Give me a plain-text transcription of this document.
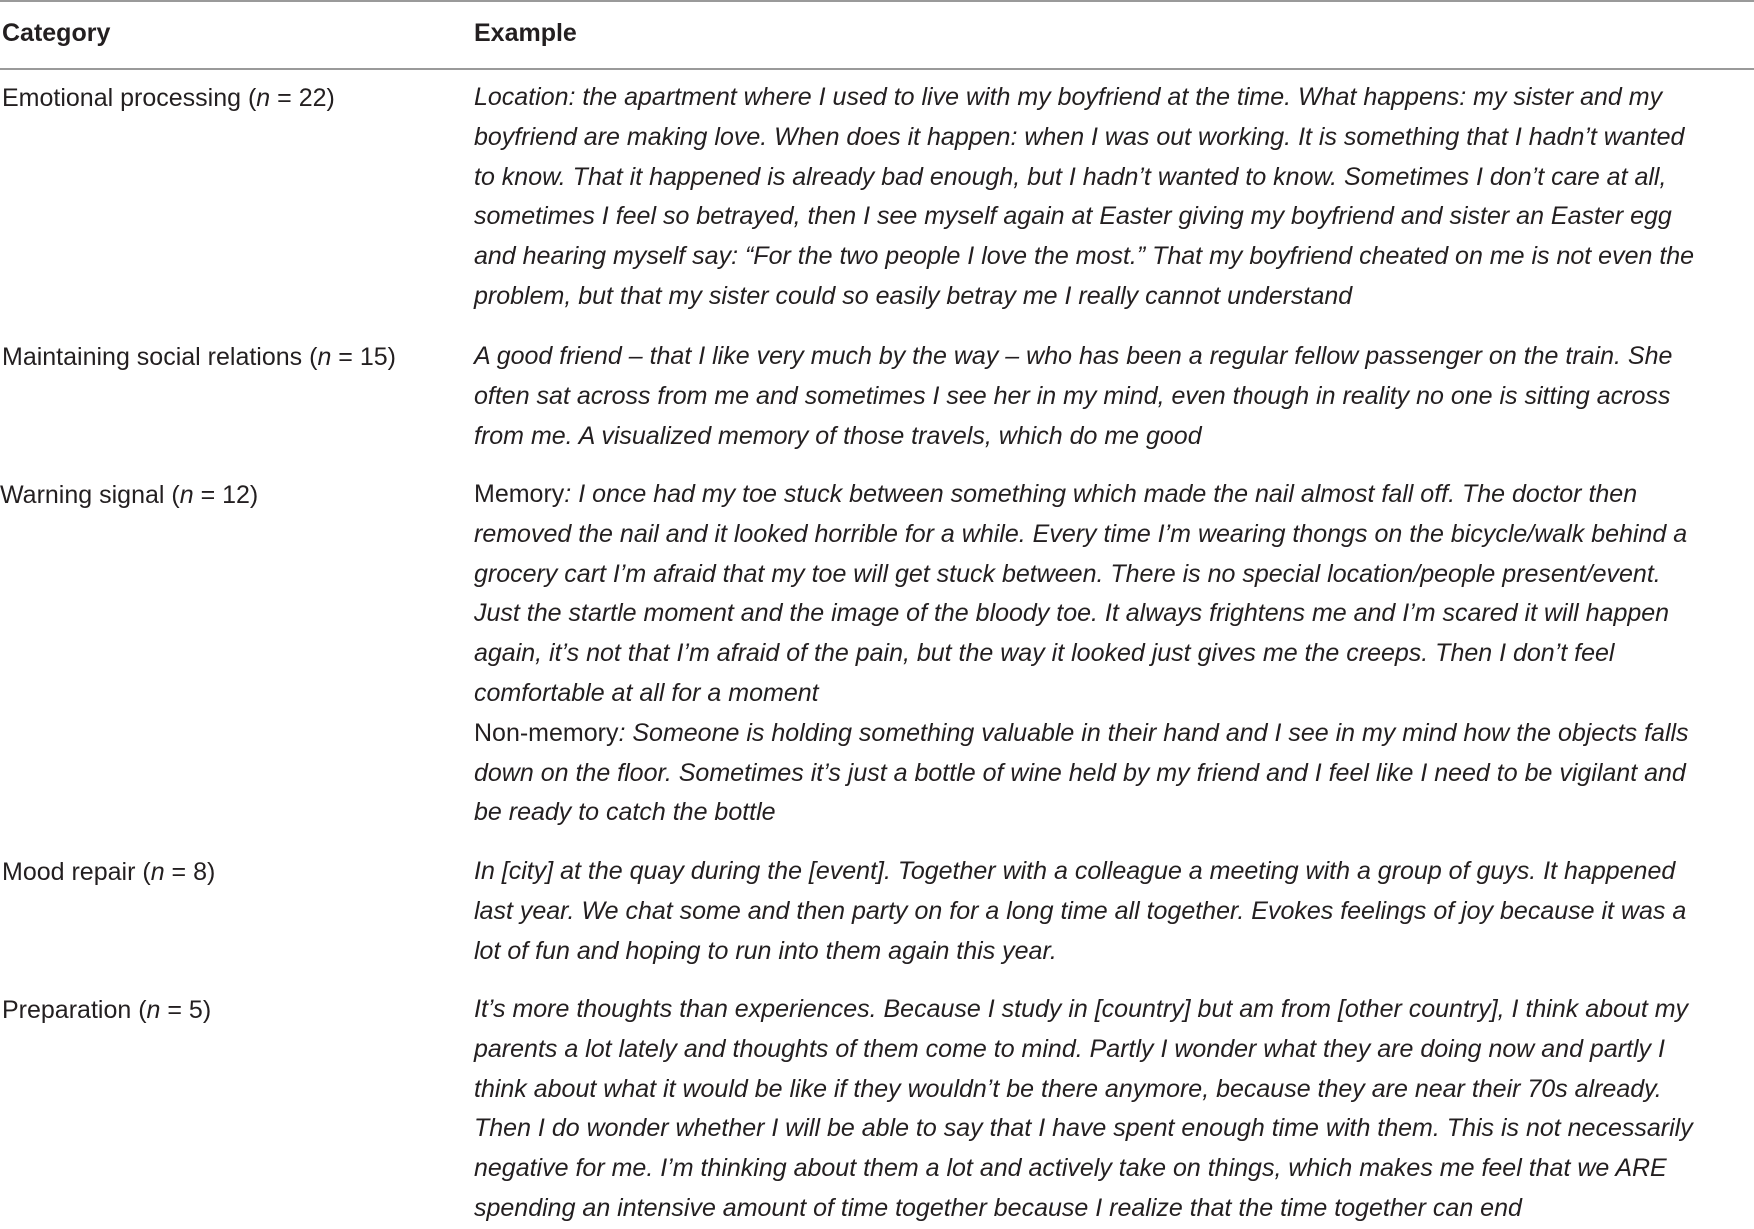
Category	Example
Emotional processing (n = 22)	Location: the apartment where I used to live with my boyfriend at the time. What happens: my sister and my
boyfriend are making love. When does it happen: when I was out working. It is something that I hadn’t wanted
to know. That it happened is already bad enough, but I hadn’t wanted to know. Sometimes I don’t care at all,
sometimes I feel so betrayed, then I see myself again at Easter giving my boyfriend and sister an Easter egg
and hearing myself say: “For the two people I love the most.” That my boyfriend cheated on me is not even the
problem, but that my sister could so easily betray me I really cannot understand
Maintaining social relations (n = 15)	A good friend – that I like very much by the way – who has been a regular fellow passenger on the train. She
often sat across from me and sometimes I see her in my mind, even though in reality no one is sitting across
from me. A visualized memory of those travels, which do me good
Warning signal (n = 12)	Memory: I once had my toe stuck between something which made the nail almost fall off. The doctor then
removed the nail and it looked horrible for a while. Every time I’m wearing thongs on the bicycle/walk behind a
grocery cart I’m afraid that my toe will get stuck between. There is no special location/people present/event.
Just the startle moment and the image of the bloody toe. It always frightens me and I’m scared it will happen
again, it’s not that I’m afraid of the pain, but the way it looked just gives me the creeps. Then I don’t feel
comfortable at all for a moment
Non-memory: Someone is holding something valuable in their hand and I see in my mind how the objects falls
down on the floor. Sometimes it’s just a bottle of wine held by my friend and I feel like I need to be vigilant and
be ready to catch the bottle
Mood repair (n = 8)	In [city] at the quay during the [event]. Together with a colleague a meeting with a group of guys. It happened
last year. We chat some and then party on for a long time all together. Evokes feelings of joy because it was a
lot of fun and hoping to run into them again this year.
Preparation (n = 5)	It’s more thoughts than experiences. Because I study in [country] but am from [other country], I think about my
parents a lot lately and thoughts of them come to mind. Partly I wonder what they are doing now and partly I
think about what it would be like if they wouldn’t be there anymore, because they are near their 70s already.
Then I do wonder whether I will be able to say that I have spent enough time with them. This is not necessarily
negative for me. I’m thinking about them a lot and actively take on things, which makes me feel that we ARE
spending an intensive amount of time together because I realize that the time together can end
